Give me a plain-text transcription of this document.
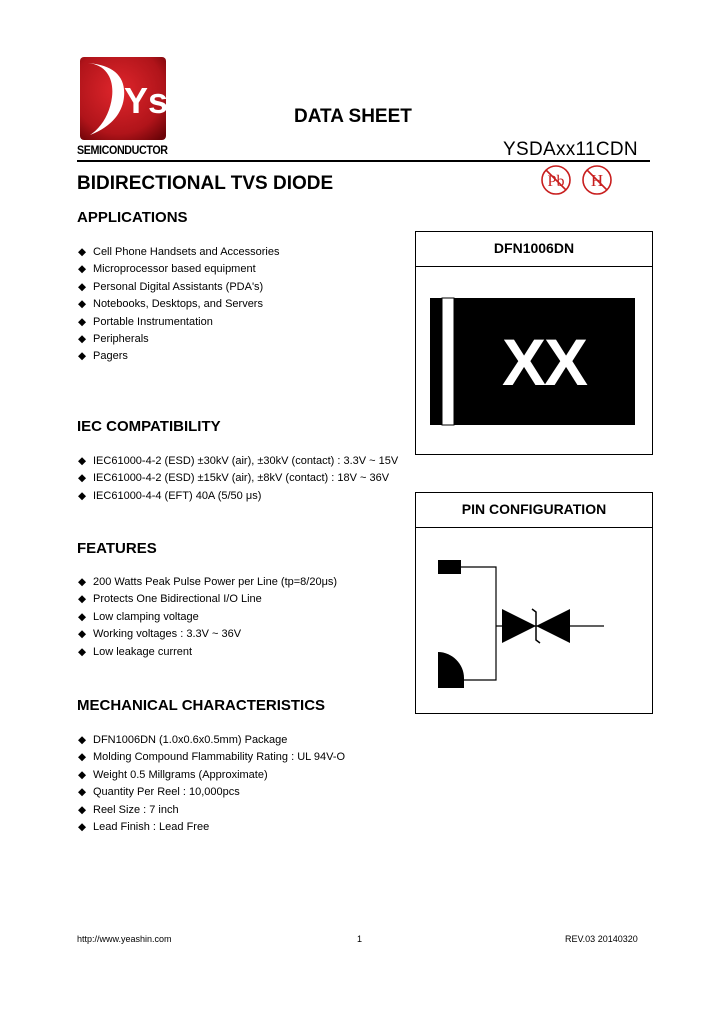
Ys
SEMICONDUCTOR
DATA SHEET
YSDAxx11CDN
BIDIRECTIONAL TVS DIODE	Pb H
APPLICATIONS
◆ Cell Phone Handsets and Accessories
◆ Microprocessor based equipment
◆ Personal Digital Assistants (PDA's)
◆ Notebooks, Desktops, and Servers
◆ Portable Instrumentation
◆ Peripherals
◆ Pagers
IEC COMPATIBILITY
◆ IEC61000-4-2 (ESD) ±30kV (air), ±30kV (contact) : 3.3V ~ 15V
◆ IEC61000-4-2 (ESD) ±15kV (air), ±8kV (contact) : 18V ~ 36V
◆ IEC61000-4-4 (EFT) 40A (5/50 μs)
FEATURES
◆ 200 Watts Peak Pulse Power per Line (tp=8/20μs)
◆ Protects One Bidirectional I/O Line
◆ Low clamping voltage
◆ Working voltages : 3.3V ~ 36V
◆ Low leakage current
MECHANICAL CHARACTERISTICS
◆ DFN1006DN (1.0x0.6x0.5mm) Package
◆ Molding Compound Flammability Rating : UL 94V-O
◆ Weight 0.5 Millgrams (Approximate)
◆ Quantity Per Reel : 10,000pcs
◆ Reel Size : 7 inch
◆ Lead Finish : Lead Free
DFN1006DN
XX
PIN CONFIGURATION
http://www.yeashin.com	1	REV.03 20140320
